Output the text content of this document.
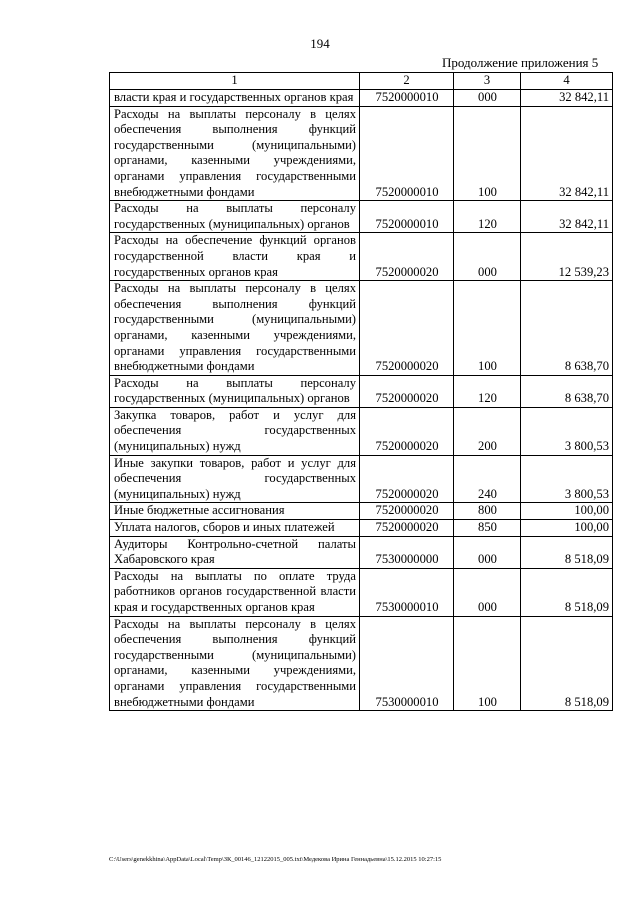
194
Продолжение приложения 5
1	2	3	4
власти края и государственных органов края	7520000010	000	32 842,11
Расходы на выплаты персоналу в целях обеспечения выполнения функций государственными (муниципальными) органами, казенными учреждениями, органами управления государственными внебюджетными фондами	7520000010	100	32 842,11
Расходы на выплаты персоналу государственных (муниципальных) органов	7520000010	120	32 842,11
Расходы на обеспечение функций органов государственной власти края и государственных органов края	7520000020	000	12 539,23
Расходы на выплаты персоналу в целях обеспечения выполнения функций государственными (муниципальными) органами, казенными учреждениями, органами управления государственными внебюджетными фондами	7520000020	100	8 638,70
Расходы на выплаты персоналу государственных (муниципальных) органов	7520000020	120	8 638,70
Закупка товаров, работ и услуг для обеспечения государственных (муниципальных) нужд	7520000020	200	3 800,53
Иные закупки товаров, работ и услуг для обеспечения государственных (муниципальных) нужд	7520000020	240	3 800,53
Иные бюджетные ассигнования	7520000020	800	100,00
Уплата налогов, сборов и иных платежей	7520000020	850	100,00
Аудиторы Контрольно-счетной палаты Хабаровского края	7530000000	000	8 518,09
Расходы на выплаты по оплате труда работников органов государственной власти края и государственных органов края	7530000010	000	8 518,09
Расходы на выплаты персоналу в целях обеспечения выполнения функций государственными (муниципальными) органами, казенными учреждениями, органами управления государственными внебюджетными фондами	7530000010	100	8 518,09
C:\Users\genekkhina\AppData\Local\Temp\ЗК_00146_12122015_005.txt\Медекова Ирина Геннадьевна\15.12.2015 10:27:15
